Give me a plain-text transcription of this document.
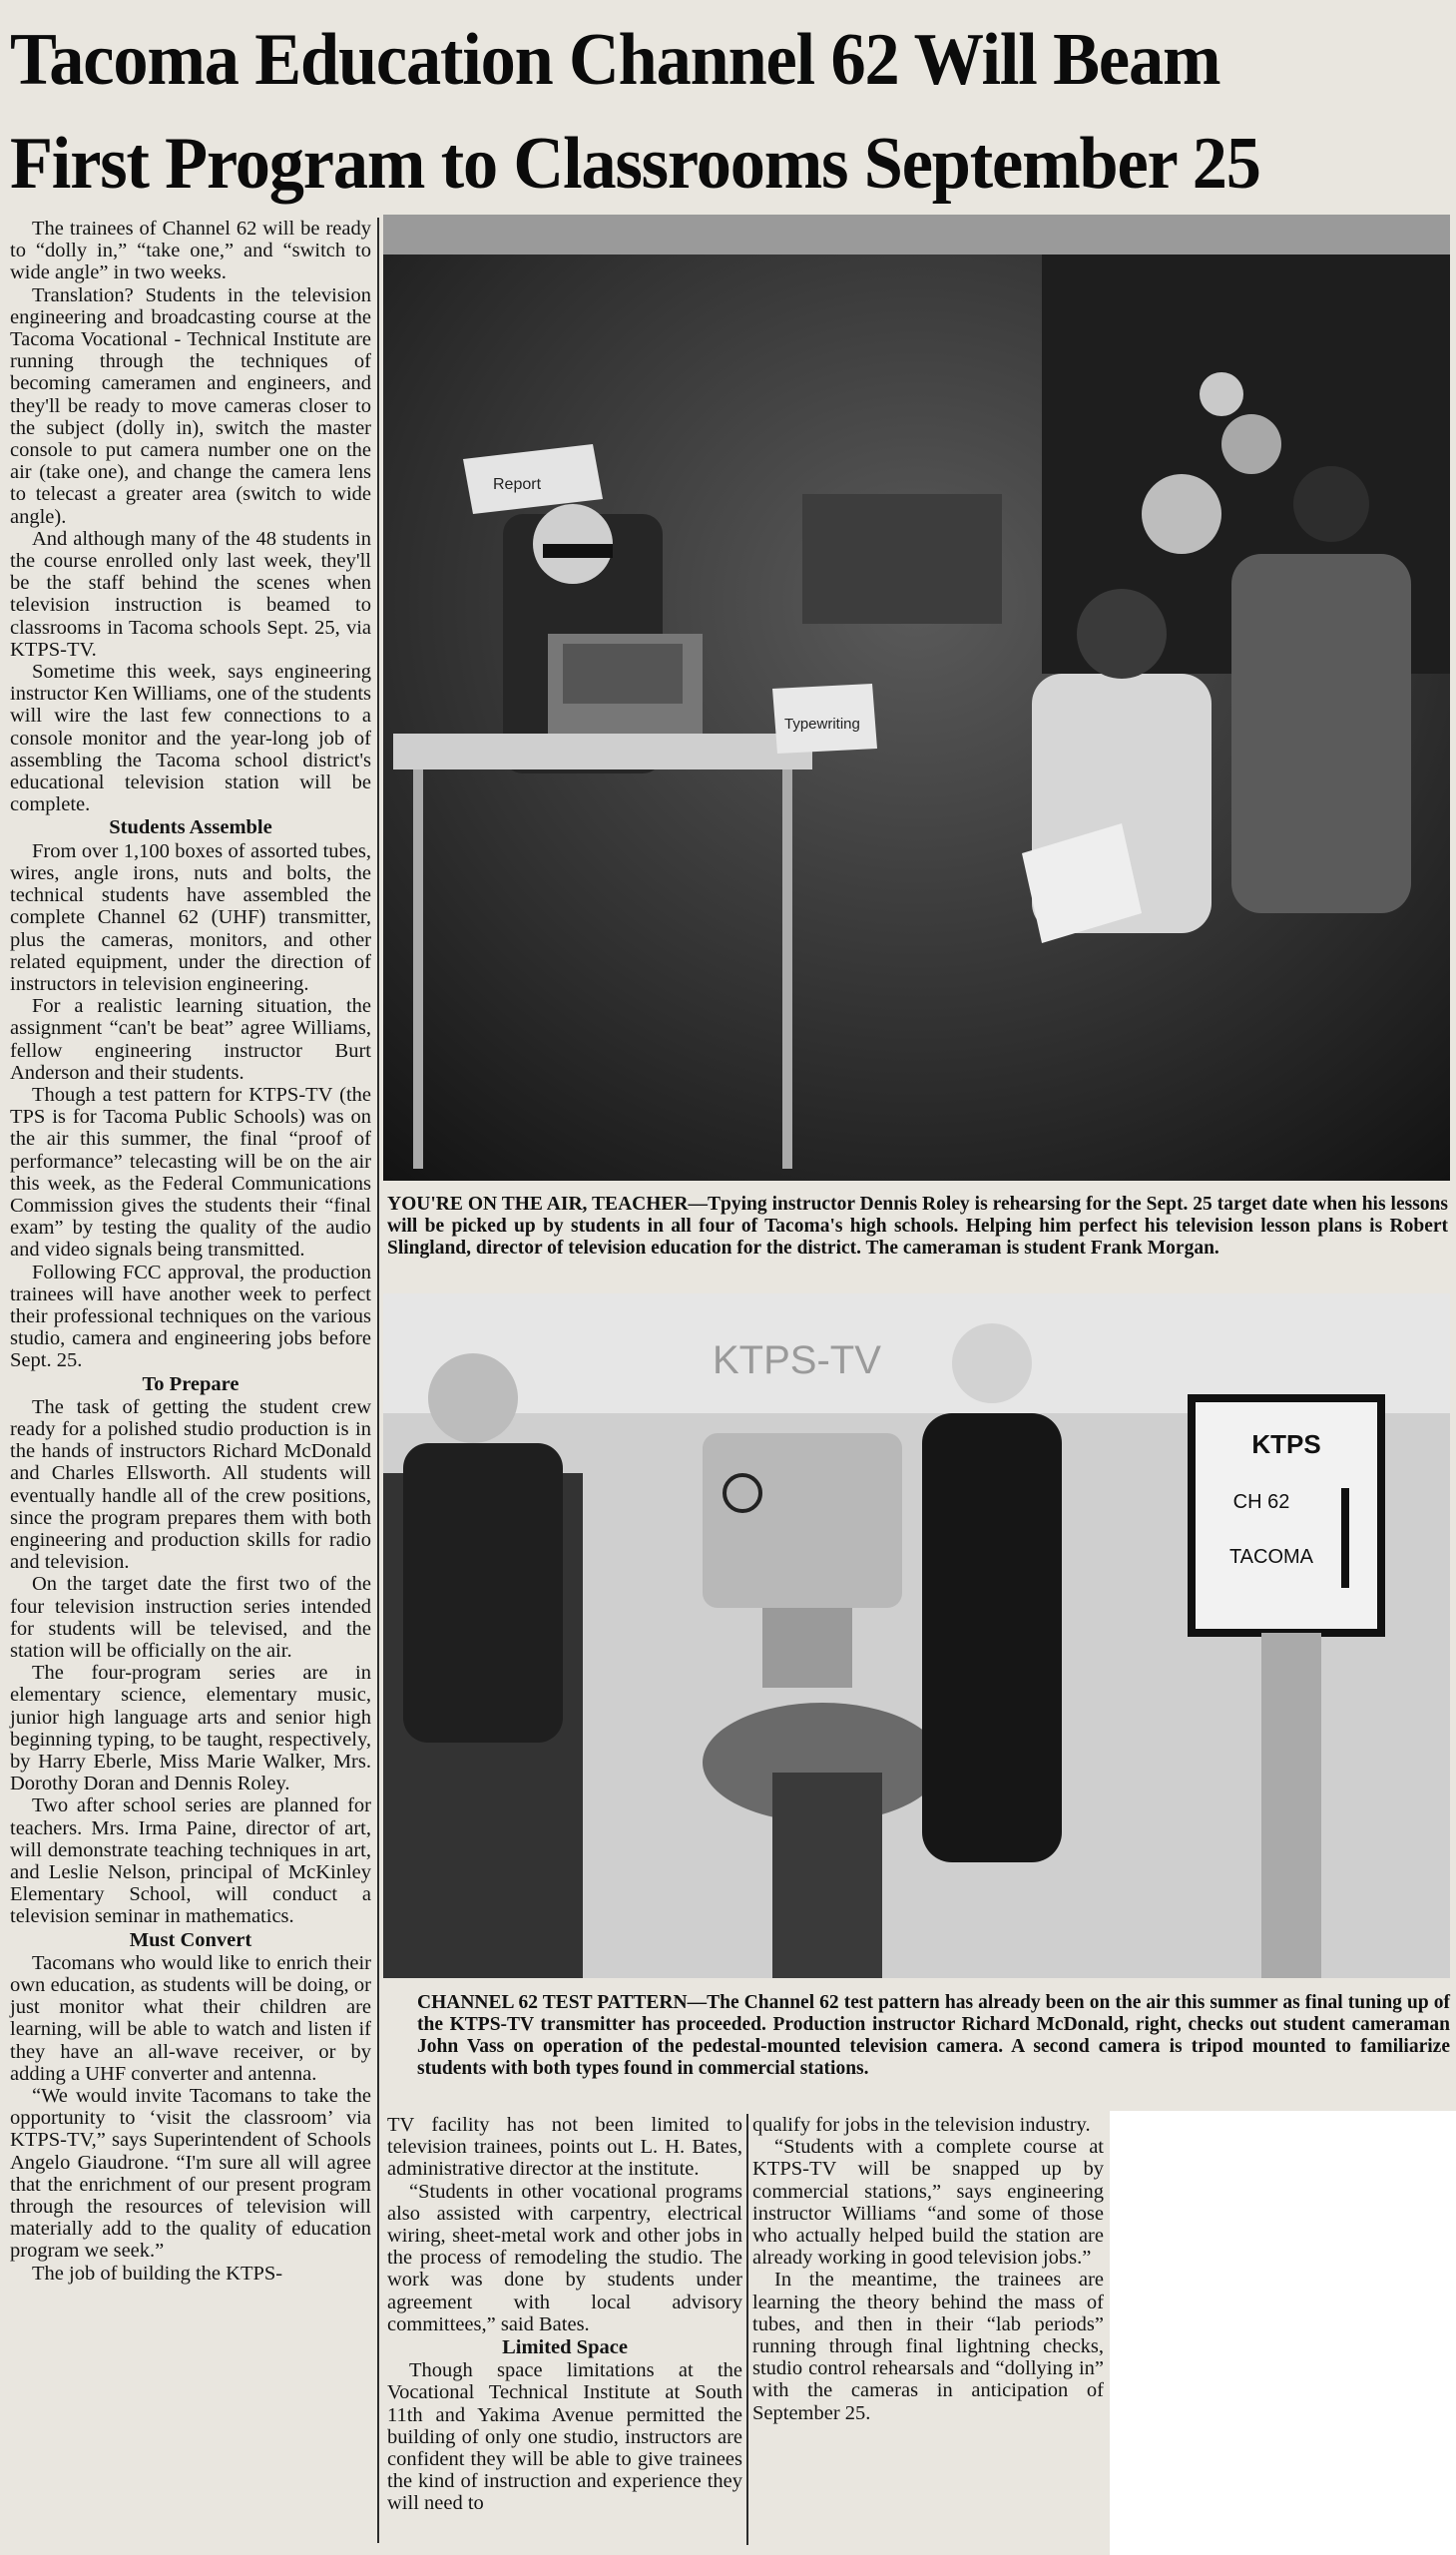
Tacoma Education Channel 62 Will Beam
First Program to Classrooms September 25

The trainees of Channel 62 will be ready to “dolly in,” “take one,” and “switch to wide angle” in two weeks.

Translation? Students in the television engineering and broadcasting course at the Tacoma Vocational - Technical Institute are running through the techniques of becoming cameramen and engineers, and they'll be ready to move cameras closer to the subject (dolly in), switch the master console to put camera number one on the air (take one), and change the camera lens to telecast a greater area (switch to wide angle).

And although many of the 48 students in the course enrolled only last week, they'll be the staff behind the scenes when television instruction is beamed to classrooms in Tacoma schools Sept. 25, via KTPS-TV.

Sometime this week, says engineering instructor Ken Williams, one of the students will wire the last few connections to a console monitor and the year-long job of assembling the Tacoma school district's educational television station will be complete.

Students Assemble

From over 1,100 boxes of assorted tubes, wires, angle irons, nuts and bolts, the technical students have assembled the complete Channel 62 (UHF) transmitter, plus the cameras, monitors, and other related equipment, under the direction of instructors in television engineering.

For a realistic learning situation, the assignment “can't be beat” agree Williams, fellow engineering instructor Burt Anderson and their students.

Though a test pattern for KTPS-TV (the TPS is for Tacoma Public Schools) was on the air this summer, the final “proof of performance” telecasting will be on the air this week, as the Federal Communications Commission gives the students their “final exam” by testing the quality of the audio and video signals being transmitted.

Following FCC approval, the production trainees will have another week to perfect their professional techniques on the various studio, camera and engineering jobs before Sept. 25.

To Prepare

The task of getting the student crew ready for a polished studio production is in the hands of instructors Richard McDonald and Charles Ellsworth. All students will eventually handle all of the crew positions, since the program prepares them with both engineering and production skills for radio and television.

On the target date the first two of the four television instruction series intended for students will be televised, and the station will be officially on the air.

The four-program series are in elementary science, elementary music, junior high language arts and senior high beginning typing, to be taught, respectively, by Harry Eberle, Miss Marie Walker, Mrs. Dorothy Doran and Dennis Roley.

Two after school series are planned for teachers. Mrs. Irma Paine, director of art, will demonstrate teaching techniques in art, and Leslie Nelson, principal of McKinley Elementary School, will conduct a television seminar in mathematics.

Must Convert

Tacomans who would like to enrich their own education, as students will be doing, or just monitor what their children are learning, will be able to watch and listen if they have an all-wave receiver, or by adding a UHF converter and antenna.

“We would invite Tacomans to take the opportunity to ‘visit the classroom’ via KTPS-TV,” says Superintendent of Schools Angelo Giaudrone. “I'm sure all will agree that the enrichment of our present program through the resources of television will materially add to the quality of education program we seek.”

The job of building the KTPS-

Report
Typewriting
YOU'RE ON THE AIR, TEACHER—Tpying instructor Dennis Roley is rehearsing for the Sept. 25 target date when his lessons will be picked up by students in all four of Tacoma's high schools. Helping him perfect his television lesson plans is Robert Slingland, director of television education for the district. The cameraman is student Frank Morgan.
KTPS-TV
KTPS
CH 62
TACOMA
CHANNEL 62 TEST PATTERN—The Channel 62 test pattern has already been on the air this summer as final tuning up of the KTPS-TV transmitter has proceeded. Production instructor Richard McDonald, right, checks out student cameraman John Vass on operation of the pedestal-mounted television camera. A second camera is tripod mounted to familiarize students with both types found in commercial stations.

TV facility has not been limited to television trainees, points out L. H. Bates, administrative director at the institute.

“Students in other vocational programs also assisted with carpentry, electrical wiring, sheet-metal work and other jobs in the process of remodeling the studio. The work was done by students under agreement with local advisory committees,” said Bates.

Limited Space

Though space limitations at the Vocational Technical Institute at South 11th and Yakima Avenue permitted the building of only one studio, instructors are confident they will be able to give trainees the kind of instruction and experience they will need to

qualify for jobs in the television industry.

“Students with a complete course at KTPS-TV will be snapped up by commercial stations,” says engineering instructor Williams “and some of those who actually helped build the station are already working in good television jobs.”

In the meantime, the trainees are learning the theory behind the mass of tubes, and then in their “lab periods” running through final lightning checks, studio control rehearsals and “dollying in” with the cameras in anticipation of September 25.
